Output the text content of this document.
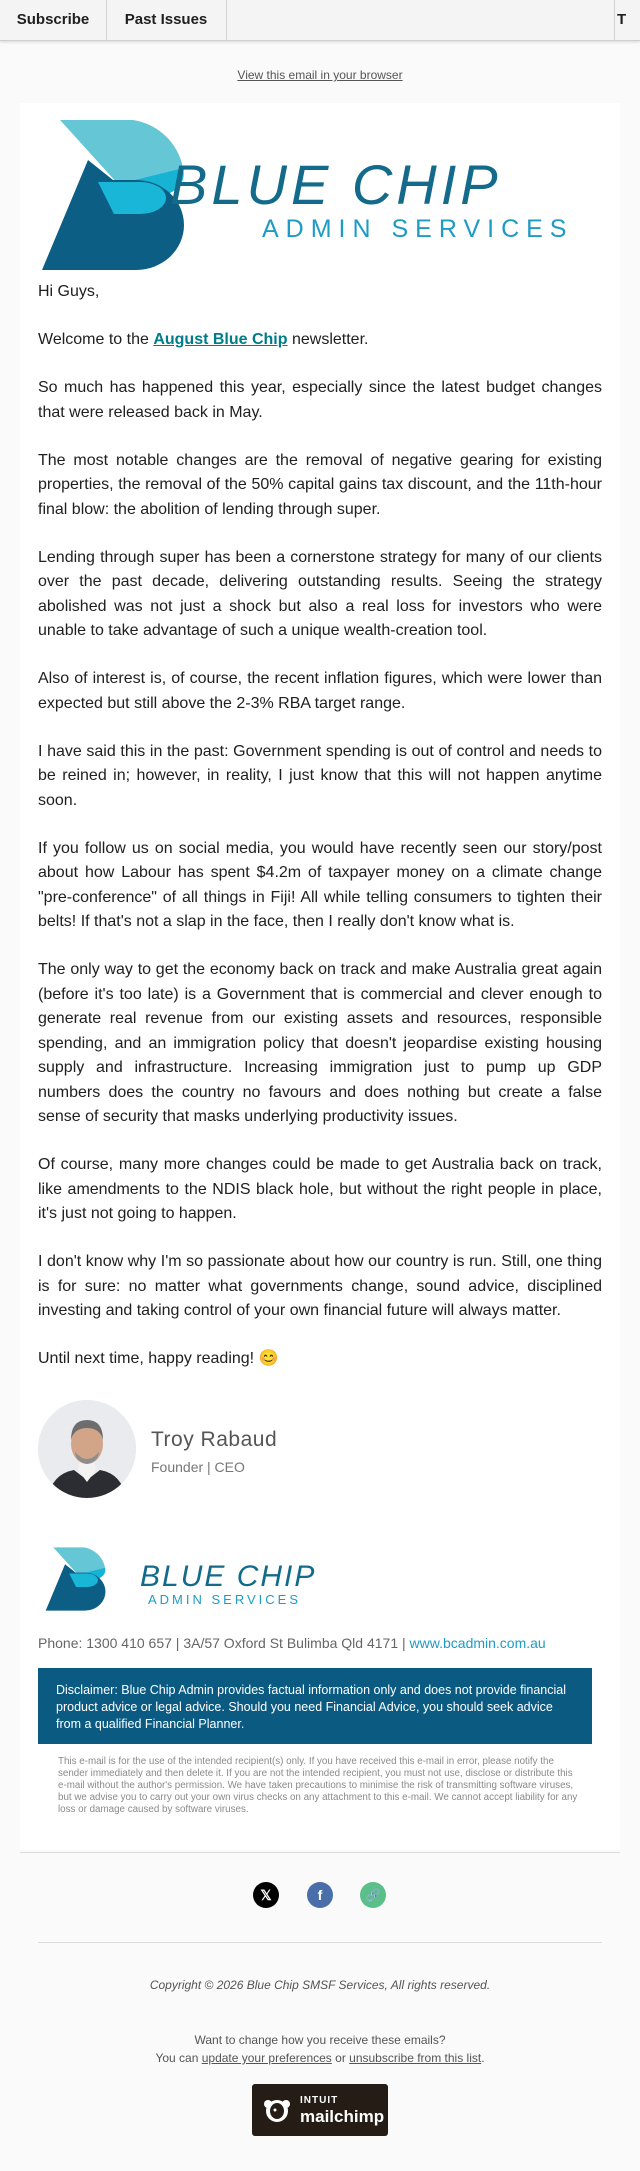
Subscribe	Past Issues	T
View this email in your browser
BLUE CHIP
ADMIN SERVICES

Hi Guys,

Welcome to the August Blue Chip newsletter.

So much has happened this year, especially since the latest budget changes that were released back in May.

The most notable changes are the removal of negative gearing for existing properties, the removal of the 50% capital gains tax discount, and the 11th-hour final blow: the abolition of lending through super.

Lending through super has been a cornerstone strategy for many of our clients over the past decade, delivering outstanding results. Seeing the strategy abolished was not just a shock but also a real loss for investors who were unable to take advantage of such a unique wealth-creation tool.

Also of interest is, of course, the recent inflation figures, which were lower than expected but still above the 2-3% RBA target range.

I have said this in the past: Government spending is out of control and needs to be reined in; however, in reality, I just know that this will not happen anytime soon.

If you follow us on social media, you would have recently seen our story/post about how Labour has spent $4.2m of taxpayer money on a climate change "pre-conference" of all things in Fiji! All while telling consumers to tighten their belts! If that's not a slap in the face, then I really don't know what is.

The only way to get the economy back on track and make Australia great again (before it's too late) is a Government that is commercial and clever enough to generate real revenue from our existing assets and resources, responsible spending, and an immigration policy that doesn't jeopardise existing housing supply and infrastructure. Increasing immigration just to pump up GDP numbers does the country no favours and does nothing but create a false sense of security that masks underlying productivity issues.

Of course, many more changes could be made to get Australia back on track, like amendments to the NDIS black hole, but without the right people in place, it's just not going to happen.

I don't know why I'm so passionate about how our country is run. Still, one thing is for sure: no matter what governments change, sound advice, disciplined investing and taking control of your own financial future will always matter.

Until next time, happy reading! 😊

Troy Rabaud
Founder | CEO
BLUE CHIP
ADMIN SERVICES
Phone: 1300 410 657 | 3A/57 Oxford St Bulimba Qld 4171 | www.bcadmin.com.au
Disclaimer: Blue Chip Admin provides factual information only and does not provide financial product advice or legal advice. Should you need Financial Advice, you should seek advice from a qualified Financial Planner.
This e-mail is for the use of the intended recipient(s) only. If you have received this e-mail in error, please notify the sender immediately and then delete it. If you are not the intended recipient, you must not use, disclose or distribute this e-mail without the author's permission. We have taken precautions to minimise the risk of transmitting software viruses, but we advise you to carry out your own virus checks on any attachment to this e-mail. We cannot accept liability for any loss or damage caused by software viruses.
𝕏	f	🔗
Copyright © 2026 Blue Chip SMSF Services, All rights reserved.
Want to change how you receive these emails?
You can update your preferences or unsubscribe from this list.
INTUIT
mailchimp
